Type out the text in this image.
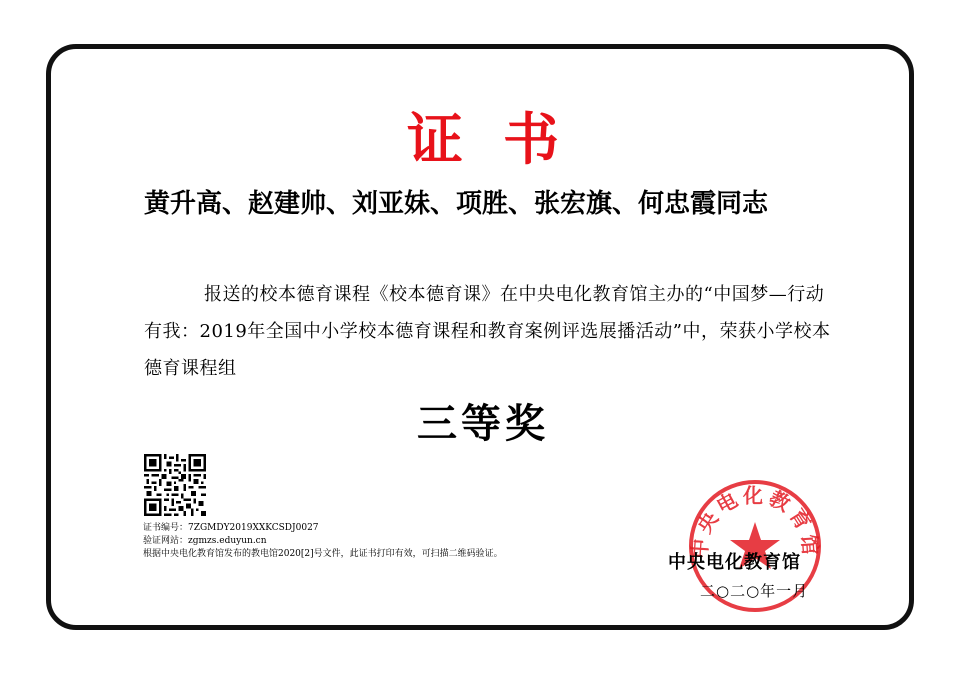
证书
黄升高、赵建帅、刘亚妹、项胜、张宏旗、何忠霞同志
报送的校本德育课程《校本德育课》在中央电化教育馆主办的“中国梦—行动有我：2019年全国中小学校本德育课程和教育案例评选展播活动”中，荣获小学校本德育课程组
三等奖
证书编号：7ZGMDY2019XXKCSDJ0027
验证网站：zgmzs.eduyun.cn
根据中央电化教育馆发布的教电馆2020[2]号文件，此证书打印有效，可扫描二维码验证。	中央电化教育馆
中央电化教育馆
二○二○年一月
